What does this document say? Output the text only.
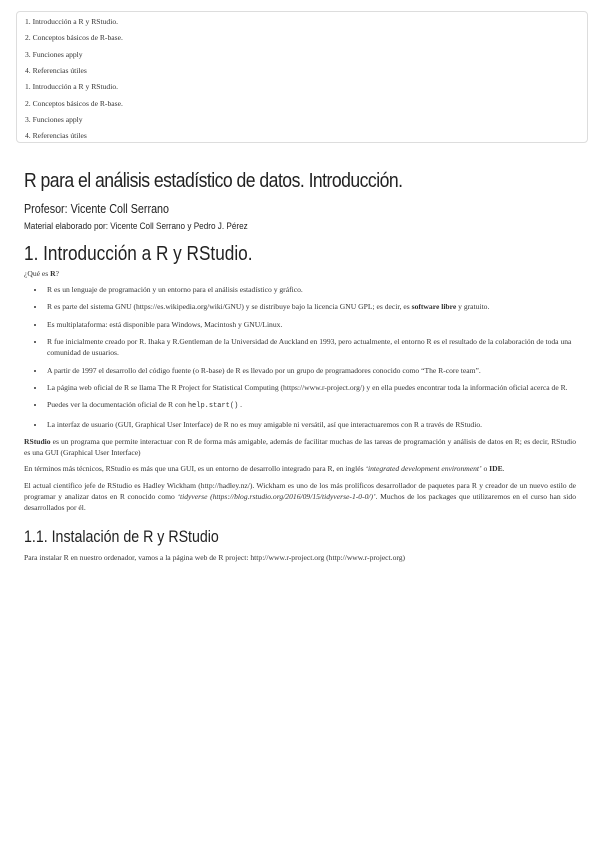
1. Introducción a R y RStudio.
2. Conceptos básicos de R-base.
3. Funciones apply
4. Referencias útiles
1. Introducción a R y RStudio.
2. Conceptos básicos de R-base.
3. Funciones apply
4. Referencias útiles
R para el análisis estadístico de datos. Introducción.
Profesor: Vicente Coll Serrano
Material elaborado por: Vicente Coll Serrano y Pedro J. Pérez
1. Introducción a R y RStudio.

¿Qué es R?

• R es un lenguaje de programación y un entorno para el análisis estadístico y gráfico.
• R es parte del sistema GNU (https://es.wikipedia.org/wiki/GNU) y se distribuye bajo la licencia GNU GPL; es decir, es software libre y gratuito.
• Es multiplataforma: está disponible para Windows, Macintosh y GNU/Linux.
• R fue inicialmente creado por R. Ihaka y R.Gentleman de la Universidad de Auckland en 1993, pero actualmente, el entorno R es el resultado de la colaboración de toda una comunidad de usuarios.
• A partir de 1997 el desarrollo del código fuente (o R-base) de R es llevado por un grupo de programadores conocido como “The R-core team”.
• La página web oficial de R se llama The R Project for Statistical Computing (https://www.r-project.org/) y en ella puedes encontrar toda la información oficial acerca de R.
• Puedes ver la documentación oficial de R con help.start() .
• La interfaz de usuario (GUI, Graphical User Interface) de R no es muy amigable ni versátil, así que interactuaremos con R a través de RStudio.

RStudio es un programa que permite interactuar con R de forma más amigable, además de facilitar muchas de las tareas de programación y análisis de datos en R; es decir, RStudio es una GUI (Graphical User Interface)

En términos más técnicos, RStudio es más que una GUI, es un entorno de desarrollo integrado para R, en inglés ‘integrated development environment’ o IDE.

El actual científico jefe de RStudio es Hadley Wickham (http://hadley.nz/). Wickham es uno de los más prolíficos desarrollador de paquetes para R y creador de un nuevo estilo de programar y analizar datos en R conocido como ‘tidyverse (https://blog.rstudio.org/2016/09/15/tidyverse-1-0-0/)’. Muchos de los packages que utilizaremos en el curso han sido desarrollados por él.

1.1. Instalación de R y RStudio

Para instalar R en nuestro ordenador, vamos a la página web de R project: http://www.r-project.org (http://www.r-project.org)
